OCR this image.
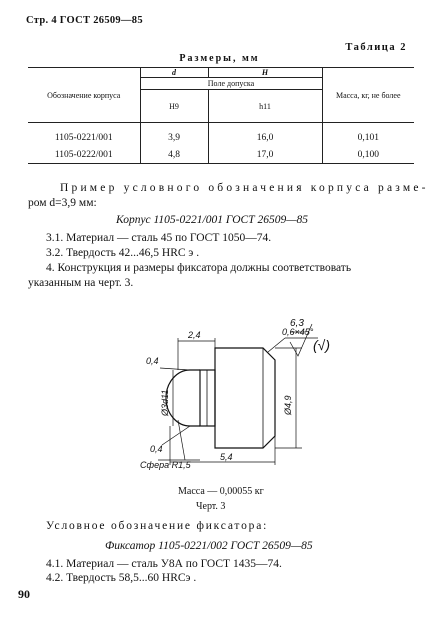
Стр. 4 ГОСТ 26509—85
Таблица 2
Размеры, мм
Обозначение корпуса	d	H	Масса, кг, не более
	Поле допуска		
	H9	h11	
1105-0221/001	3,9	16,0	0,101
1105-0222/001	4,8	17,0	0,100
Пример условного обозначения корпуса разме-
ром d=3,9 мм:
Корпус 1105-0221/001 ГОСТ 26509—85
3.1. Материал — сталь 45 по ГОСТ 1050—74.
3.2. Твердость 42...46,5 HRC э .
4. Конструкция и размеры фиксатора должны соответствовать
указанным на черт. 3.
2,4	0,6×45°
6,3
(√)
0,4
0,4
Ø3d11	Ø4,9
Сфера R1,5
5,4
Масса — 0,00055 кг
Черт. 3
Условное обозначение фиксатора:
Фиксатор 1105-0221/002 ГОСТ 26509—85
4.1. Материал — сталь У8А по ГОСТ 1435—74.
4.2. Твердость 58,5...60 HRCэ .
90
